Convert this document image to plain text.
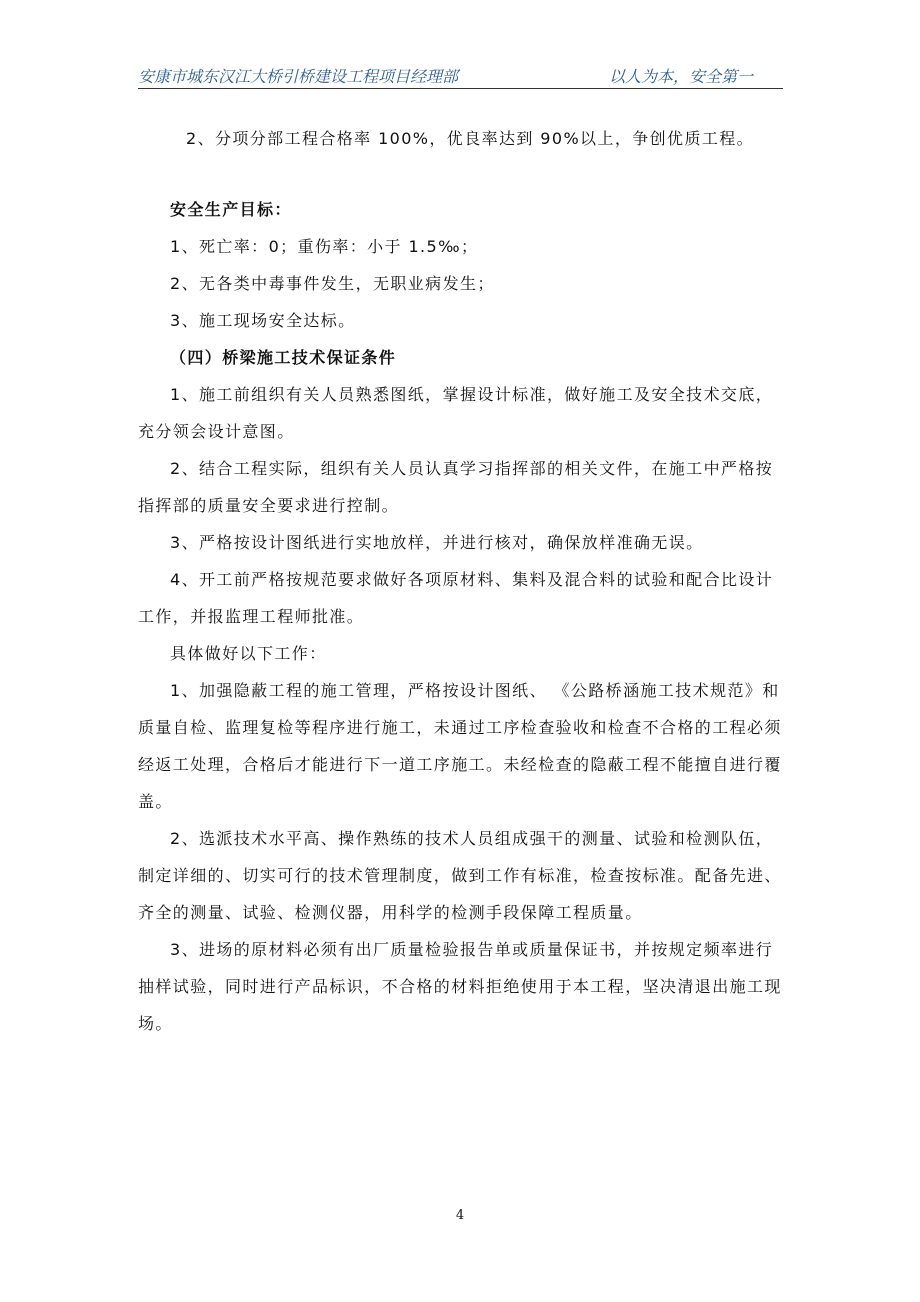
安康市城东汉江大桥引桥建设工程项目经理部	以人为本，安全第一

2、分项分部工程合格率 100%，优良率达到 90%以上，争创优质工程。

安全生产目标：

1、死亡率：0；重伤率：小于 1.5‰；

2、无各类中毒事件发生，无职业病发生；

3、施工现场安全达标。

（四）桥梁施工技术保证条件

1、施工前组织有关人员熟悉图纸，掌握设计标准，做好施工及安全技术交底，充分领会设计意图。

2、结合工程实际，组织有关人员认真学习指挥部的相关文件，在施工中严格按指挥部的质量安全要求进行控制。

3、严格按设计图纸进行实地放样，并进行核对，确保放样准确无误。

4、开工前严格按规范要求做好各项原材料、集料及混合料的试验和配合比设计工作，并报监理工程师批准。

具体做好以下工作：

1、加强隐蔽工程的施工管理，严格按设计图纸、 《公路桥涵施工技术规范》和质量自检、监理复检等程序进行施工，未通过工序检查验收和检查不合格的工程必须经返工处理，合格后才能进行下一道工序施工。未经检查的隐蔽工程不能擅自进行覆盖。

2、选派技术水平高、操作熟练的技术人员组成强干的测量、试验和检测队伍，制定详细的、切实可行的技术管理制度，做到工作有标准，检查按标准。配备先进、齐全的测量、试验、检测仪器，用科学的检测手段保障工程质量。

3、进场的原材料必须有出厂质量检验报告单或质量保证书，并按规定频率进行抽样试验，同时进行产品标识，不合格的材料拒绝使用于本工程，坚决清退出施工现场。

4
